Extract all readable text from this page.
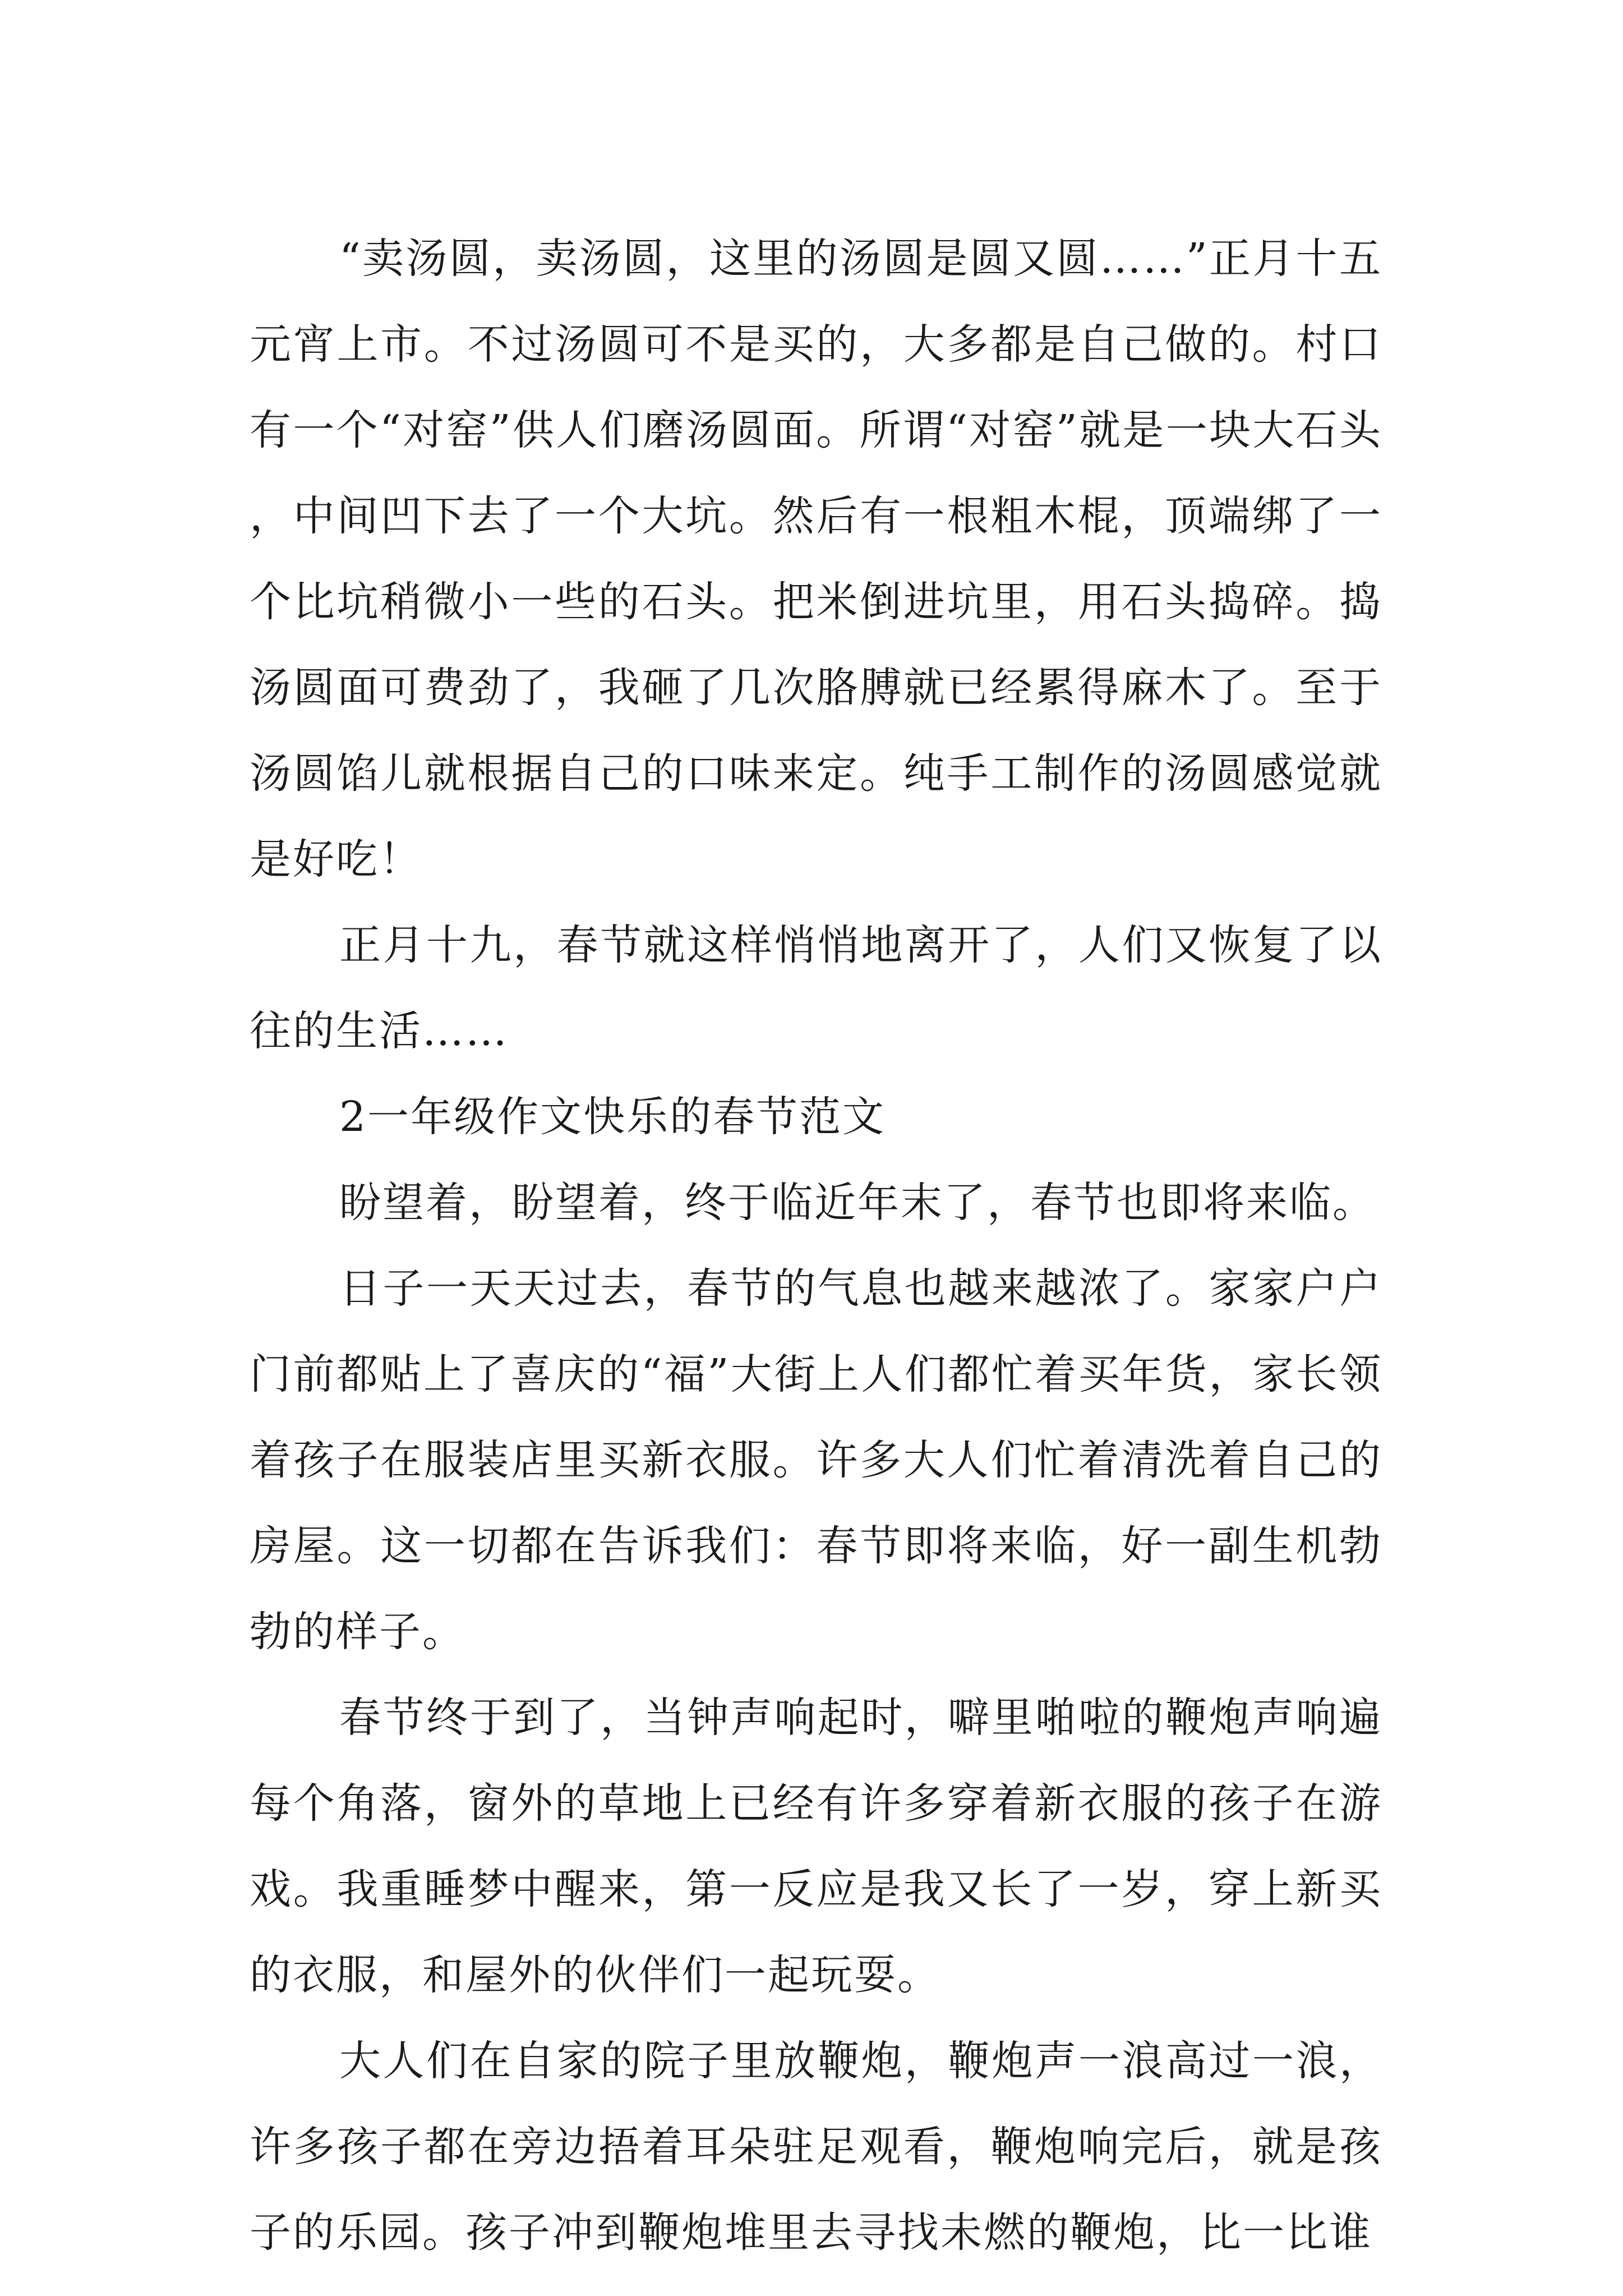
“卖汤圆，卖汤圆，这里的汤圆是圆又圆……”正月十五元宵上市。不过汤圆可不是买的，大多都是自己做的。村口有一个“对窑”供人们磨汤圆面。所谓“对窑”就是一块大石头，中间凹下去了一个大坑。然后有一根粗木棍，顶端绑了一个比坑稍微小一些的石头。把米倒进坑里，用石头捣碎。捣汤圆面可费劲了，我砸了几次胳膊就已经累得麻木了。至于汤圆馅儿就根据自己的口味来定。纯手工制作的汤圆感觉就是好吃！

正月十九，春节就这样悄悄地离开了，人们又恢复了以往的生活……

2一年级作文快乐的春节范文

盼望着，盼望着，终于临近年末了，春节也即将来临。

日子一天天过去，春节的气息也越来越浓了。家家户户门前都贴上了喜庆的“福”大街上人们都忙着买年货，家长领着孩子在服装店里买新衣服。许多大人们忙着清洗着自己的房屋。这一切都在告诉我们：春节即将来临，好一副生机勃勃的样子。

春节终于到了，当钟声响起时，噼里啪啦的鞭炮声响遍每个角落，窗外的草地上已经有许多穿着新衣服的孩子在游戏。我重睡梦中醒来，第一反应是我又长了一岁，穿上新买的衣服，和屋外的伙伴们一起玩耍。

大人们在自家的院子里放鞭炮，鞭炮声一浪高过一浪，许多孩子都在旁边捂着耳朵驻足观看，鞭炮响完后，就是孩子的乐园。孩子冲到鞭炮堆里去寻找未燃的鞭炮，比一比谁
